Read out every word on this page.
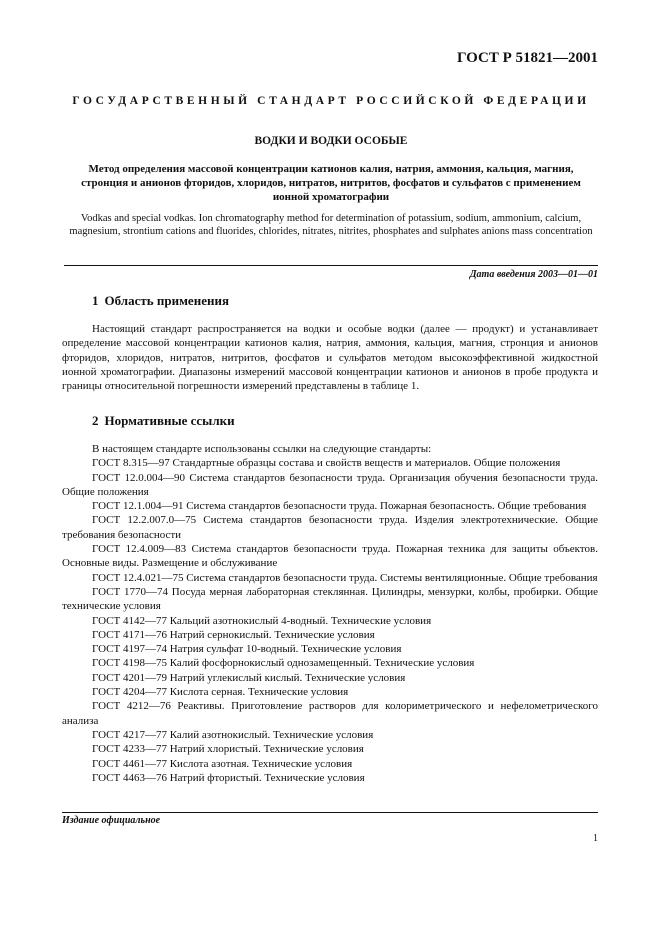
ГОСТ Р 51821—2001
ГОСУДАРСТВЕННЫЙ СТАНДАРТ РОССИЙСКОЙ ФЕДЕРАЦИИ
ВОДКИ И ВОДКИ ОСОБЫЕ
Метод определения массовой концентрации катионов калия, натрия, аммония, кальция, магния, стронция и анионов фторидов, хлоридов, нитратов, нитритов, фосфатов и сульфатов с применением ионной хроматографии
Vodkas and special vodkas. Ion chromatography method for determination of potassium, sodium, ammonium, calcium, magnesium, strontium cations and fluorides, chlorides, nitrates, nitrites, phosphates and sulphates anions mass concentration
Дата введения 2003—01—01
1 Область применения

Настоящий стандарт распространяется на водки и особые водки (далее — продукт) и устанавливает определение массовой концентрации катионов калия, натрия, аммония, кальция, магния, стронция и анионов фторидов, хлоридов, нитратов, нитритов, фосфатов и сульфатов методом высокоэффективной жидкостной ионной хроматографии. Диапазоны измерений массовой концентрации катионов и анионов в пробе продукта и границы относительной погрешности измерений представлены в таблице 1.

2 Нормативные ссылки
В настоящем стандарте использованы ссылки на следующие стандарты:
ГОСТ 8.315—97 Стандартные образцы состава и свойств веществ и материалов. Общие положения
ГОСТ 12.0.004—90 Система стандартов безопасности труда. Организация обучения безопасности труда. Общие положения
ГОСТ 12.1.004—91 Система стандартов безопасности труда. Пожарная безопасность. Общие требования
ГОСТ 12.2.007.0—75 Система стандартов безопасности труда. Изделия электротехнические. Общие требования безопасности
ГОСТ 12.4.009—83 Система стандартов безопасности труда. Пожарная техника для защиты объектов. Основные виды. Размещение и обслуживание
ГОСТ 12.4.021—75 Система стандартов безопасности труда. Системы вентиляционные. Общие требования
ГОСТ 1770—74 Посуда мерная лабораторная стеклянная. Цилиндры, мензурки, колбы, пробирки. Общие технические условия
ГОСТ 4142—77 Кальций азотнокислый 4-водный. Технические условия
ГОСТ 4171—76 Натрий сернокислый. Технические условия
ГОСТ 4197—74 Натрия сульфат 10-водный. Технические условия
ГОСТ 4198—75 Калий фосфорнокислый однозамещенный. Технические условия
ГОСТ 4201—79 Натрий углекислый кислый. Технические условия
ГОСТ 4204—77 Кислота серная. Технические условия
ГОСТ 4212—76 Реактивы. Приготовление растворов для колориметрического и нефелометрического анализа
ГОСТ 4217—77 Калий азотнокислый. Технические условия
ГОСТ 4233—77 Натрий хлористый. Технические условия
ГОСТ 4461—77 Кислота азотная. Технические условия
ГОСТ 4463—76 Натрий фтористый. Технические условия
Издание официальное
1
